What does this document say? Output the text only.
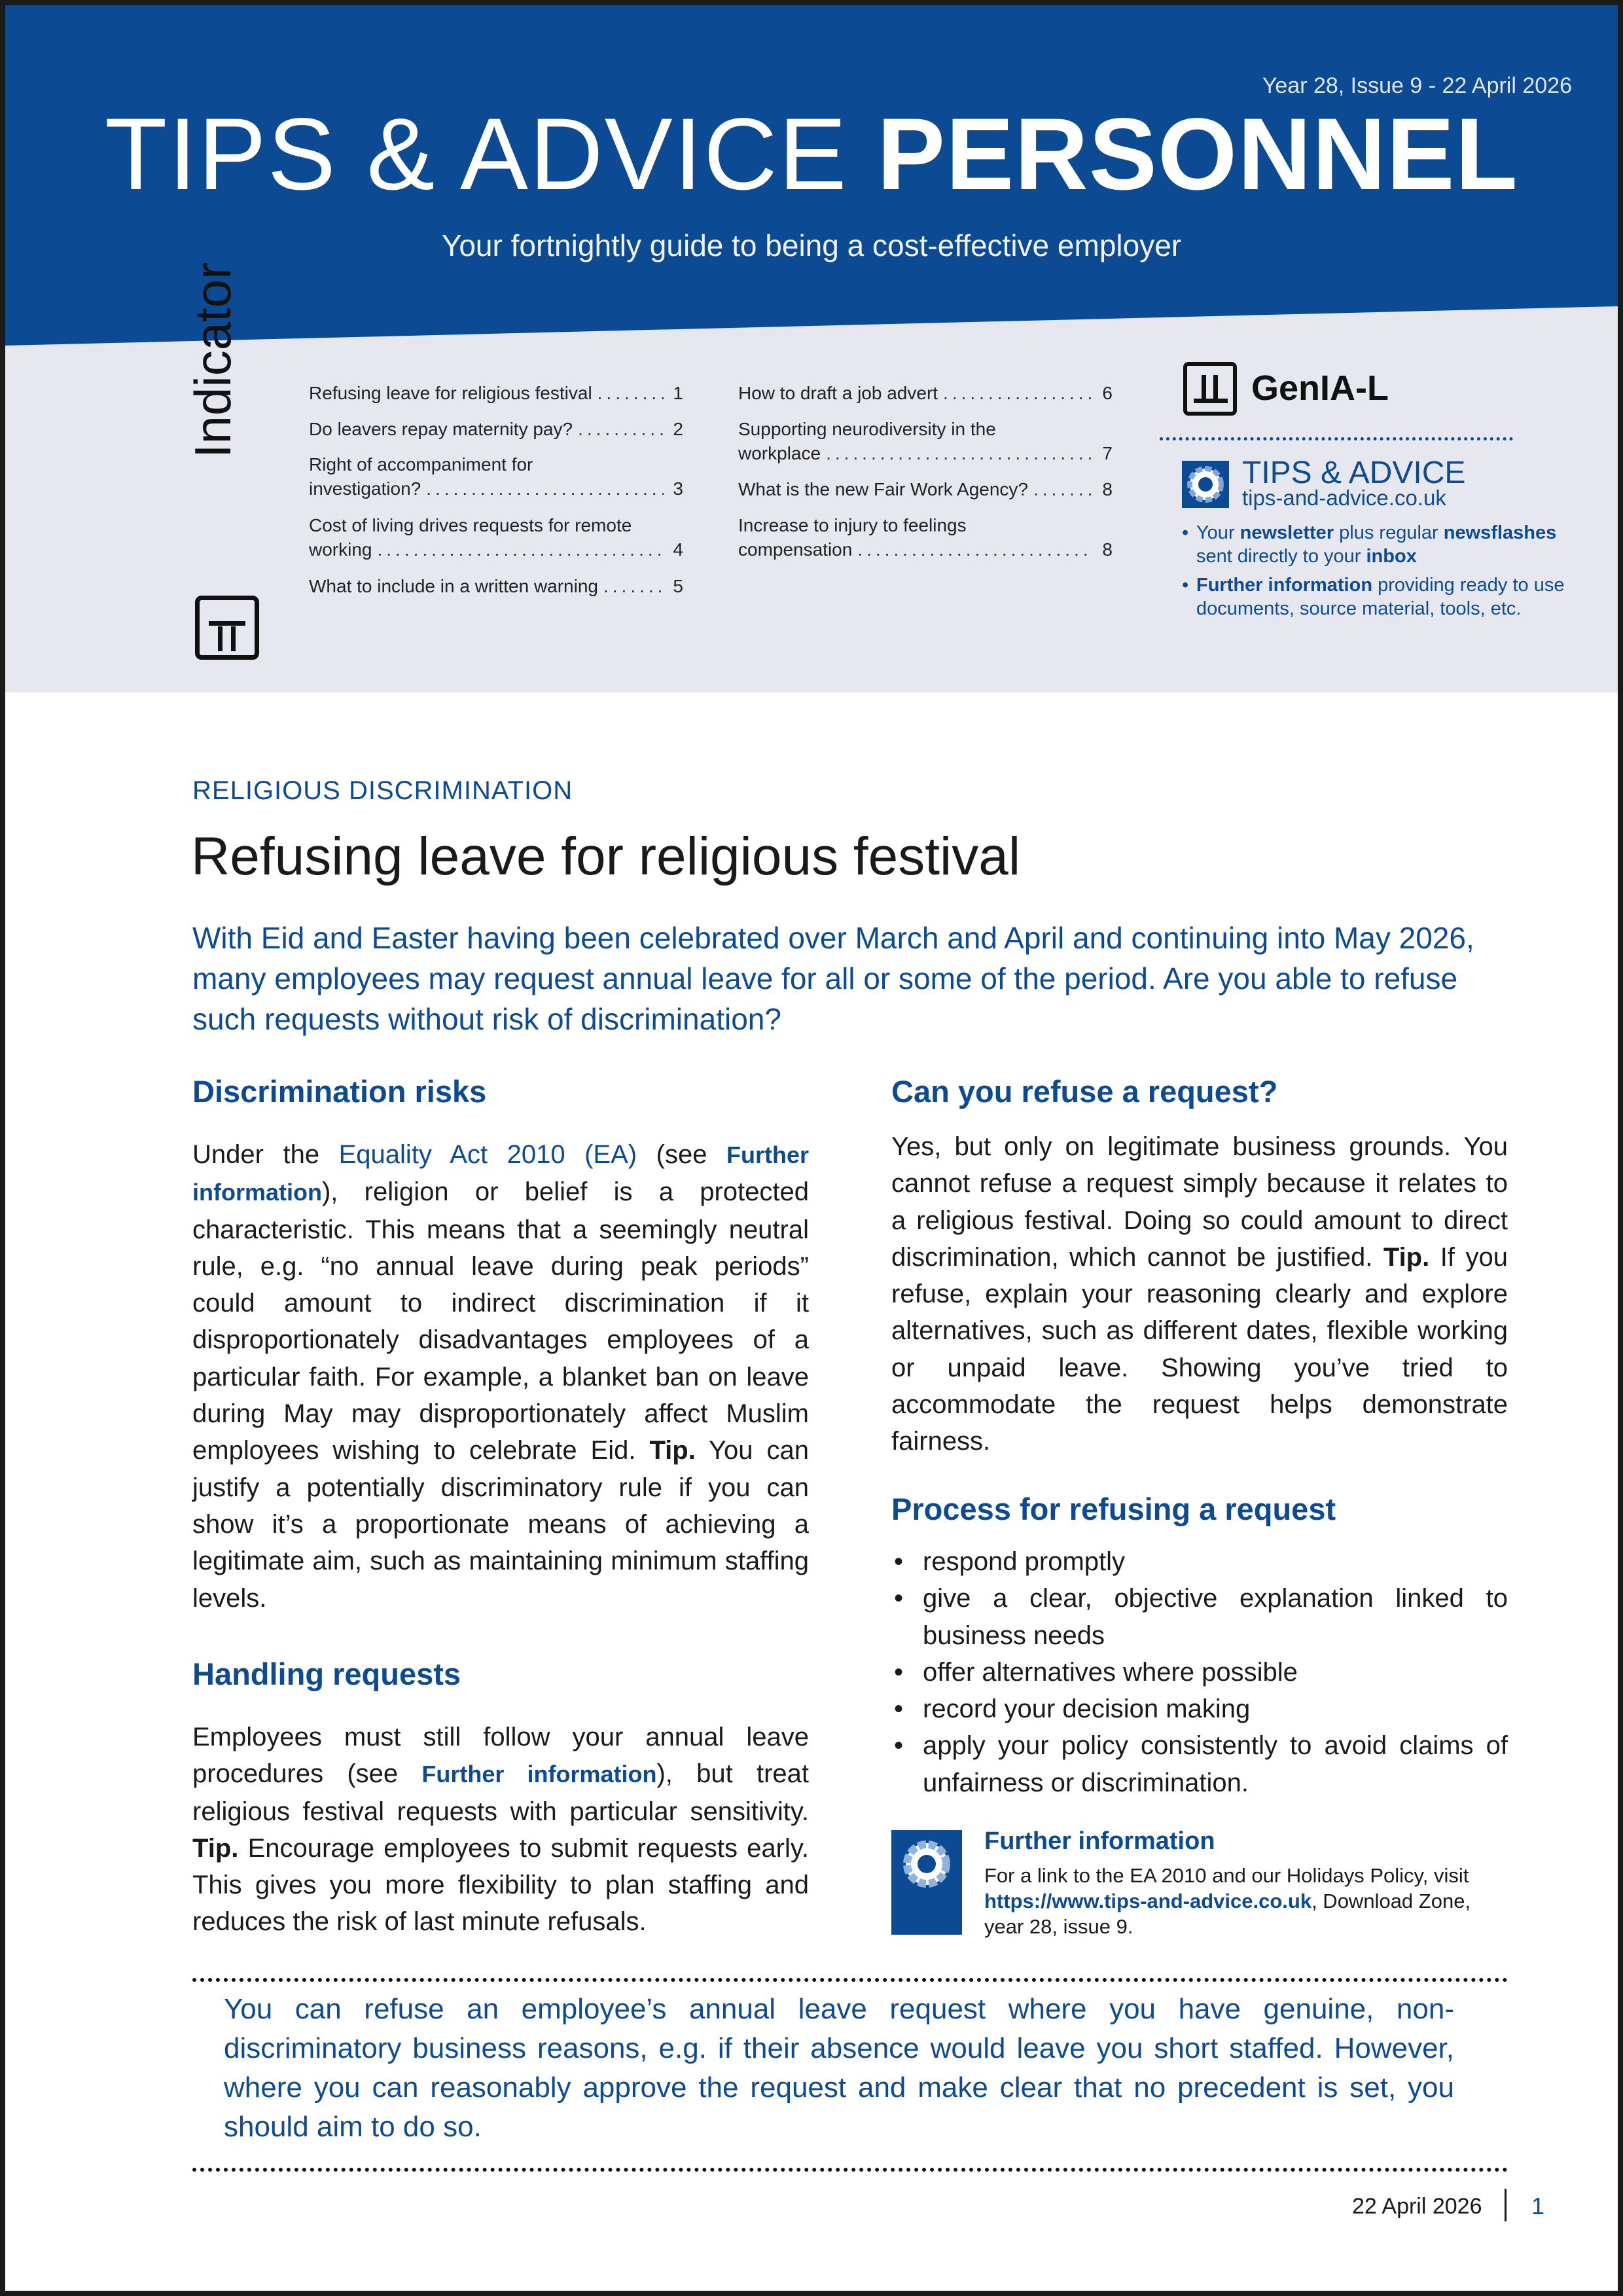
Year 28, Issue 9 - 22 April 2026
TIPS & ADVICE PERSONNEL
Your fortnightly guide to being a cost-effective employer
Indicator	GenIA-L
Refusing leave for religious festival .....	1
Do leavers repay maternity pay? .....	2
Right of accompaniment for
investigation? .....	3
Cost of living drives requests for remote
working .....	4
What to include in a written warning .....	5
How to draft a job advert .....	6
Supporting neurodiversity in the
workplace .....	7
What is the new Fair Work Agency? .....	8
Increase to injury to feelings
compensation .....	8
TIPS & ADVICE
tips-and-advice.co.uk
• Your newsletter plus regular newsflashes sent directly to your inbox
• Further information providing ready to use documents, source material, tools, etc.
RELIGIOUS DISCRIMINATION
Refusing leave for religious festival

With Eid and Easter having been celebrated over March and April and continuing into May 2026, many employees may request annual leave for all or some of the period. Are you able to refuse such requests without risk of discrimination?

Discrimination risks

Under the Equality Act 2010 (EA) (see Further information), religion or belief is a protected characteristic. This means that a seemingly neutral rule, e.g. “no annual leave during peak periods” could amount to indirect discrimination if it disproportionately disadvantages employees of a particular faith. For example, a blanket ban on leave during May may disproportionately affect Muslim employees wishing to celebrate Eid. Tip. You can justify a potentially discriminatory rule if you can show it’s a proportionate means of achieving a legitimate aim, such as maintaining minimum staffing levels.

Handling requests

Employees must still follow your annual leave procedures (see Further information), but treat religious festival requests with particular sensitivity. Tip. Encourage employees to submit requests early. This gives you more flexibility to plan staffing and reduces the risk of last minute refusals.

Can you refuse a request?

Yes, but only on legitimate business grounds. You cannot refuse a request simply because it relates to a religious festival. Doing so could amount to direct discrimination, which cannot be justified. Tip. If you refuse, explain your reasoning clearly and explore alternatives, such as different dates, flexible working or unpaid leave. Showing you’ve tried to accommodate the request helps demonstrate fairness.

Process for refusing a request
• respond promptly
• give a clear, objective explanation linked to business needs
• offer alternatives where possible
• record your decision making
• apply your policy consistently to avoid claims of unfairness or discrimination.
Further information

For a link to the EA 2010 and our Holidays Policy, visit https://www.tips-and-advice.co.uk, Download Zone, year 28, issue 9.

You can refuse an employee’s annual leave request where you have genuine, non-discriminatory business reasons, e.g. if their absence would leave you short staffed. However, where you can reasonably approve the request and make clear that no precedent is set, you should aim to do so.

22 April 2026 1
